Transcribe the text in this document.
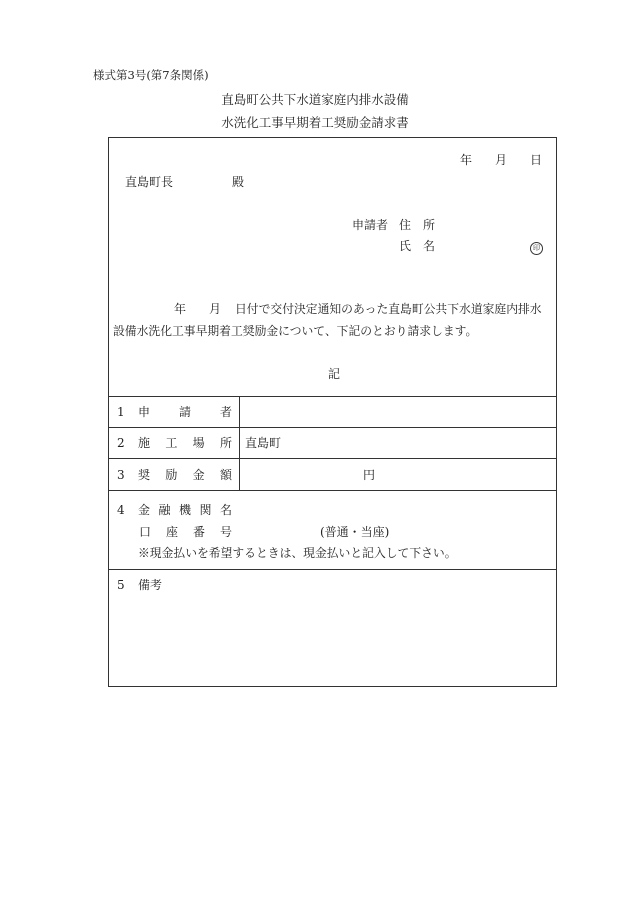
様式第3号(第7条関係)
直島町公共下水道家庭内排水設備
水洗化工事早期着工奨励金請求書
年 月 日
直島町長	殿
申請者 住 所
氏 名	印
年 月 日付で交付決定通知のあった直島町公共下水道家庭内排水
設備水洗化工事早期着工奨励金について、下記のとおり請求します。
記
1 申 請 者
2 施 工 場 所 直島町
3 奨 励 金 額	円
4 金 融 機 関 名
口 座 番 号	(普通・当座)
※現金払いを希望するときは、現金払いと記入して下さい。
5 備考
